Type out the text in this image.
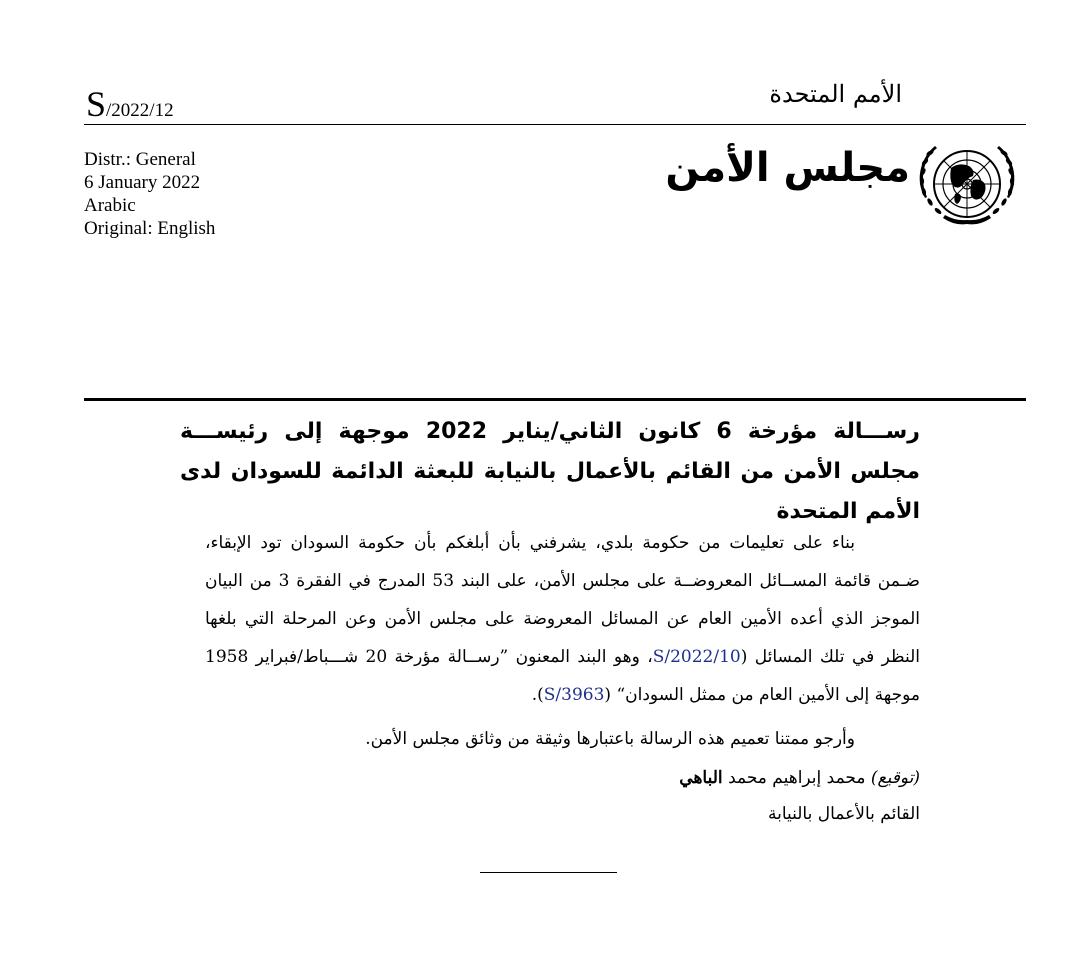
S/2022/12
الأمم المتحدة
Distr.: General
6 January 2022
Arabic
Original: English
مجلس الأمن
رســـالة مؤرخة 6 كانون الثاني/يناير 2022 موجهة إلى رئيســـة مجلس الأمن من القائم بالأعمال بالنيابة للبعثة الدائمة للسودان لدى الأمم المتحدة

بناء على تعليمات من حكومة بلدي، يشرفني بأن أبلغكم بأن حكومة السودان تود الإبقاء، ضـمن قائمة المســائل المعروضــة على مجلس الأمن، على البند 53 المدرج في الفقرة 3 من البيان الموجز الذي أعده الأمين العام عن المسائل المعروضة على مجلس الأمن وعن المرحلة التي بلغها النظر في تلك المسائل (S/2022/10، وهو البند المعنون ”رســالة مؤرخة 20 شـــباط/فبراير 1958 موجهة إلى الأمين العام من ممثل السودان“ (S/3963).

وأرجو ممتنا تعميم هذه الرسالة باعتبارها وثيقة من وثائق مجلس الأمن.

(توقيع) محمد إبراهيم محمد الباهي
القائم بالأعمال بالنيابة
